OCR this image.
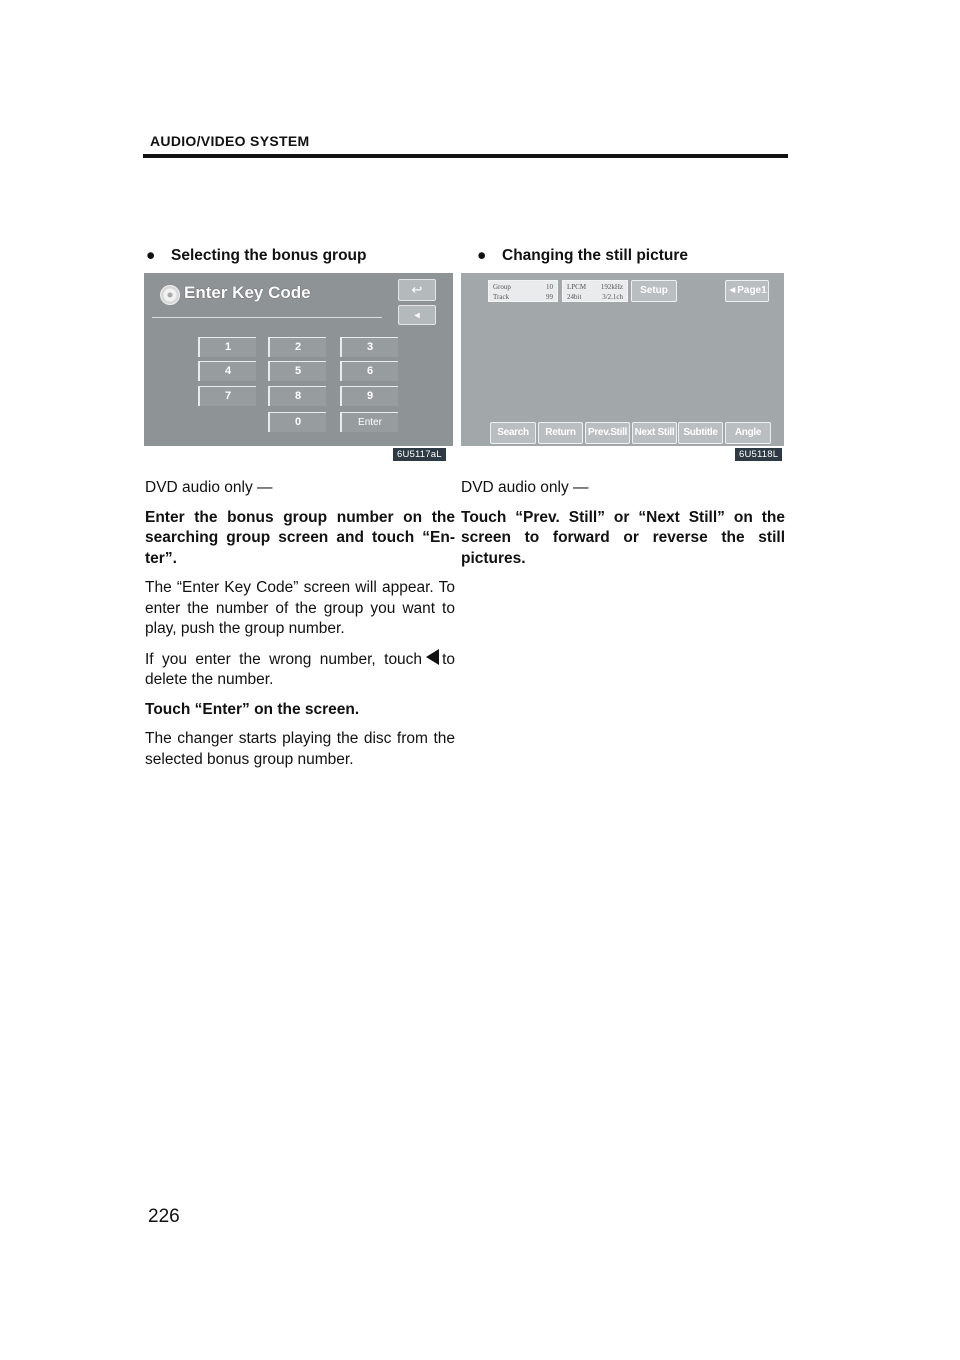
AUDIO/VIDEO SYSTEM
● Selecting the bonus group	● Changing the still picture
Enter Key Code	↩
◄
1	2	3
4	5	6
7	8	9
0	Enter
6U5117aL
Group	10
Track	99
LPCM 192kHz
24bit	3/2.1ch
Setup	◄Page1
Search	Return	Prev.Still Next Still Subtitle	Angle
6U5118L

DVD audio only —

Enter the bonus group number on the searching group screen and touch “En-ter”.

The “Enter Key Code” screen will appear. To enter the number of the group you want to play, push the group number.

If you enter the wrong number, touch to delete the number.

Touch “Enter” on the screen.

The changer starts playing the disc from the selected bonus group number.

DVD audio only —

Touch “Prev. Still” or “Next Still” on the screen to forward or reverse the still pictures.

226
